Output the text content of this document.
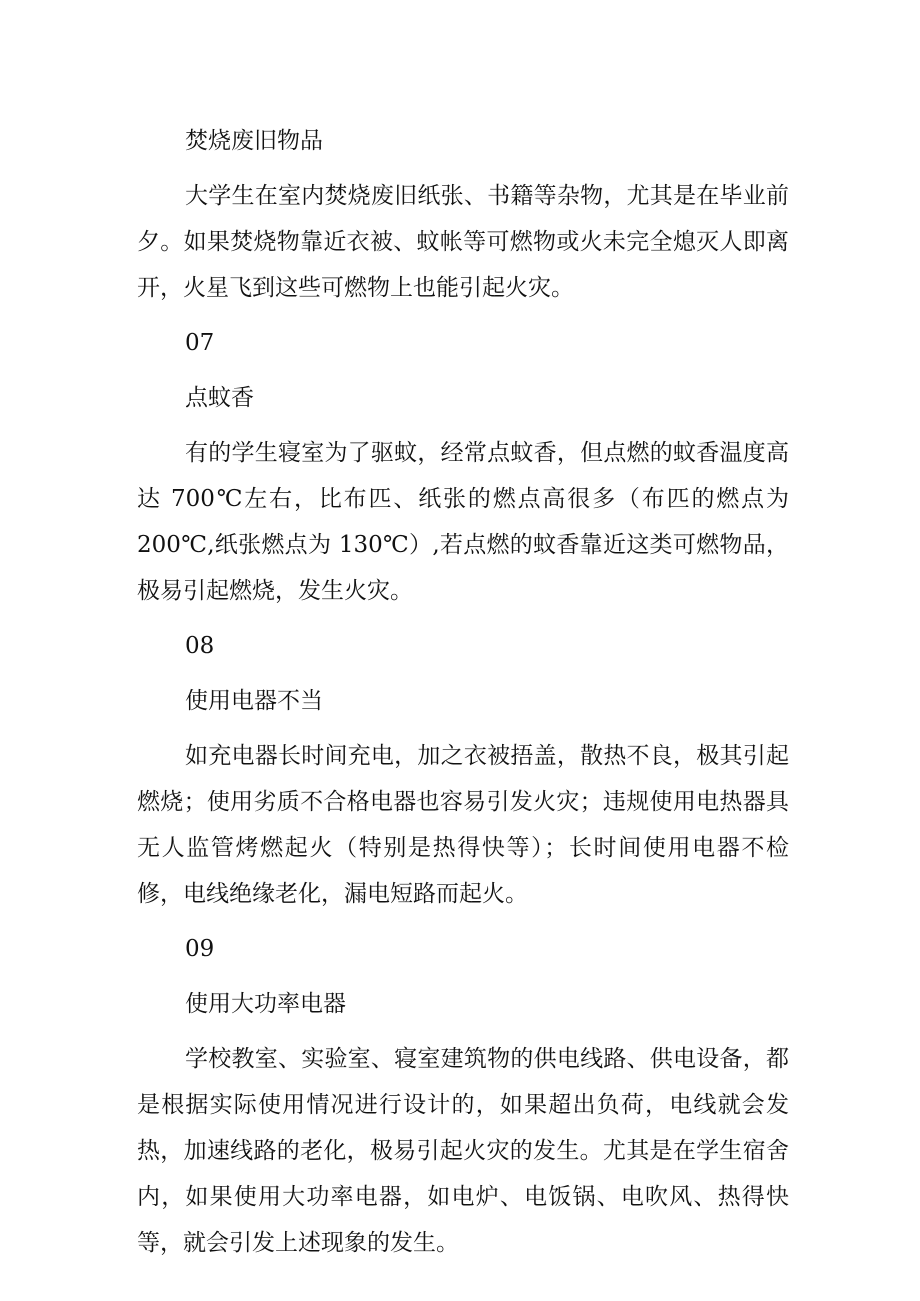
焚烧废旧物品
大学生在室内焚烧废旧纸张、书籍等杂物，尤其是在毕业前夕。如果焚烧物靠近衣被、蚊帐等可燃物或火未完全熄灭人即离开，火星飞到这些可燃物上也能引起火灾。
07
点蚊香
有的学生寝室为了驱蚊，经常点蚊香，但点燃的蚊香温度高达 700℃左右，比布匹、纸张的燃点高很多（布匹的燃点为200℃,纸张燃点为 130℃）,若点燃的蚊香靠近这类可燃物品，极易引起燃烧，发生火灾。
08
使用电器不当
如充电器长时间充电，加之衣被捂盖，散热不良，极其引起燃烧；使用劣质不合格电器也容易引发火灾；违规使用电热器具无人监管烤燃起火（特别是热得快等）；长时间使用电器不检修，电线绝缘老化，漏电短路而起火。
09
使用大功率电器
学校教室、实验室、寝室建筑物的供电线路、供电设备，都是根据实际使用情况进行设计的，如果超出负荷，电线就会发热，加速线路的老化，极易引起火灾的发生。尤其是在学生宿舍内，如果使用大功率电器，如电炉、电饭锅、电吹风、热得快等，就会引发上述现象的发生。
